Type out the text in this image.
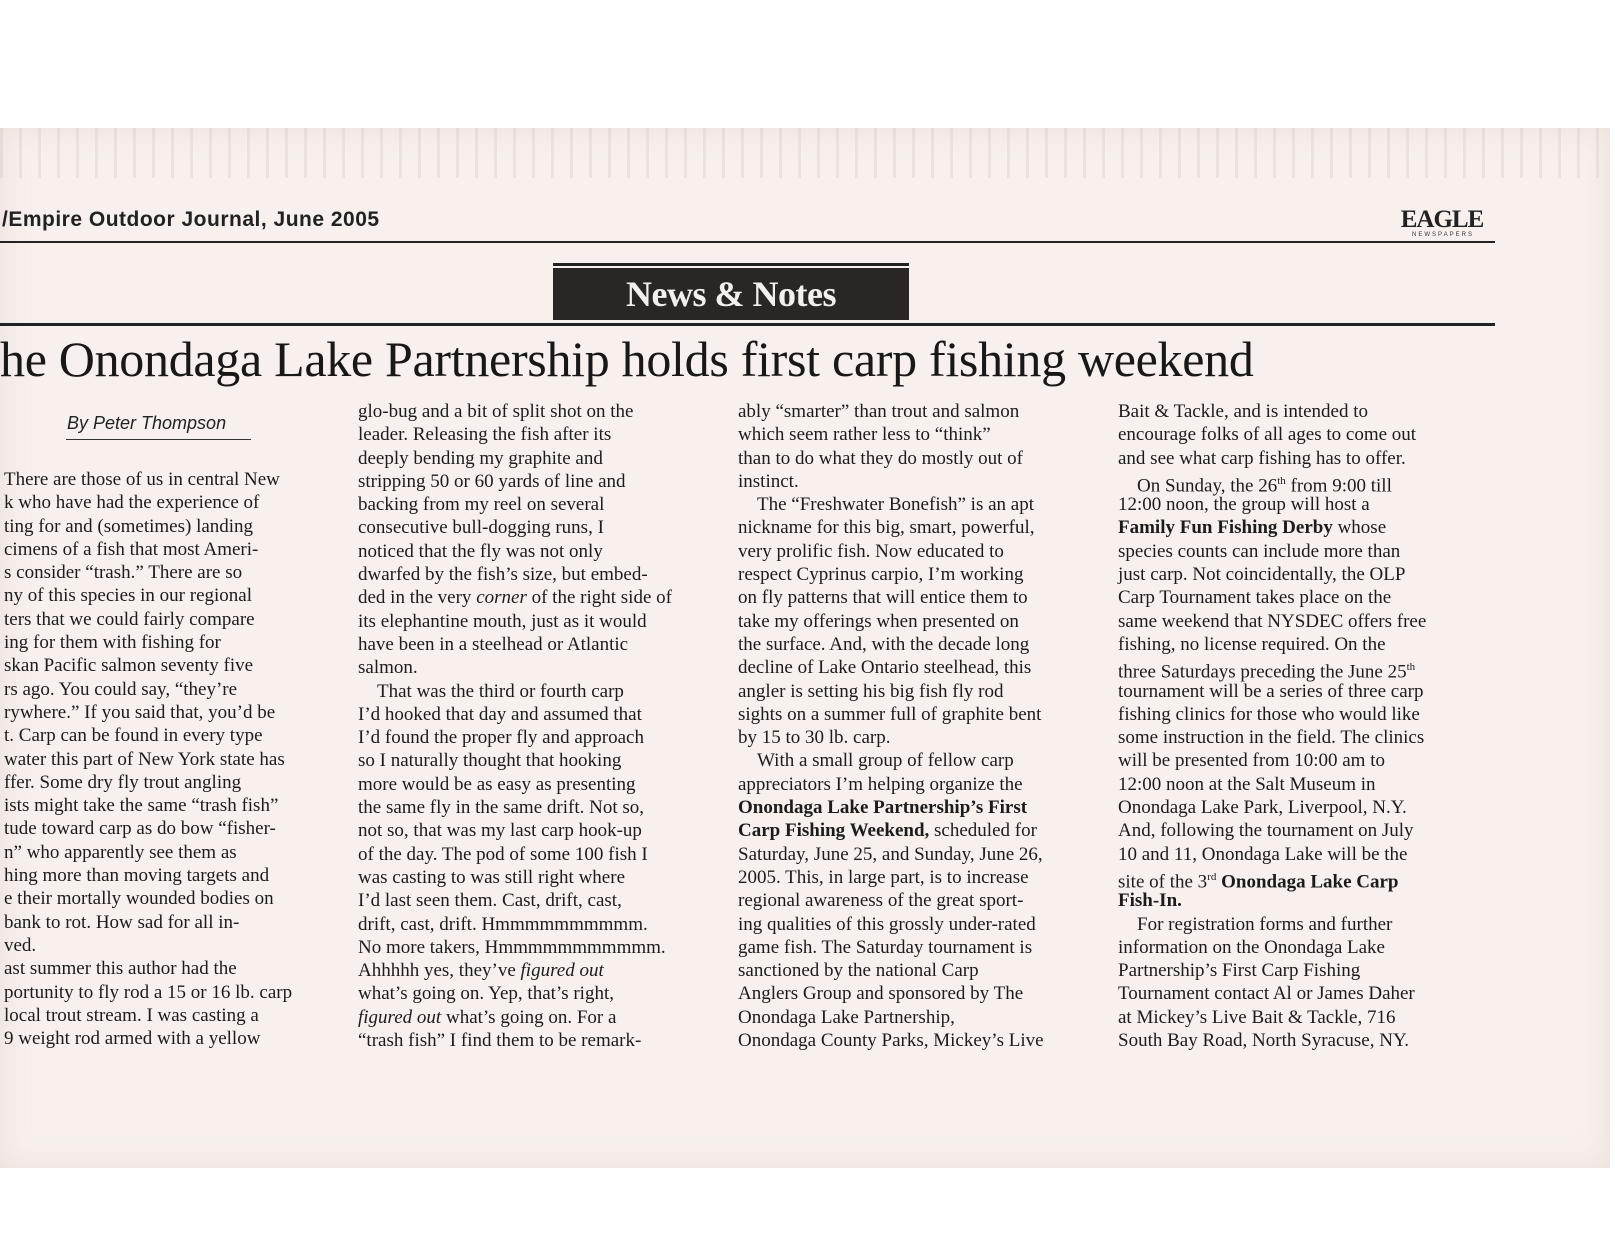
/Empire Outdoor Journal, June 2005	EAGLE
NEWSPAPERS
News & Notes
he Onondaga Lake Partnership holds first carp fishing weekend
By Peter Thompson
There are those of us in central New
k who have had the experience of
ting for and (sometimes) landing
cimens of a fish that most Ameri-
s consider “trash.” There are so
ny of this species in our regional
ters that we could fairly compare
ing for them with fishing for
skan Pacific salmon seventy five
rs ago. You could say, “they’re
rywhere.” If you said that, you’d be
t. Carp can be found in every type
water this part of New York state has
ffer. Some dry fly trout angling
ists might take the same “trash fish”
tude toward carp as do bow “fisher-
n” who apparently see them as
hing more than moving targets and
e their mortally wounded bodies on
bank to rot. How sad for all in-
ved.
ast summer this author had the
portunity to fly rod a 15 or 16 lb. carp
local trout stream. I was casting a
9 weight rod armed with a yellow
glo-bug and a bit of split shot on the
leader. Releasing the fish after its
deeply bending my graphite and
stripping 50 or 60 yards of line and
backing from my reel on several
consecutive bull-dogging runs, I
noticed that the fly was not only
dwarfed by the fish’s size, but embed-
ded in the very corner of the right side of
its elephantine mouth, just as it would
have been in a steelhead or Atlantic
salmon.
That was the third or fourth carp
I’d hooked that day and assumed that
I’d found the proper fly and approach
so I naturally thought that hooking
more would be as easy as presenting
the same fly in the same drift. Not so,
not so, that was my last carp hook-up
of the day. The pod of some 100 fish I
was casting to was still right where
I’d last seen them. Cast, drift, cast,
drift, cast, drift. Hmmmmmmmmmm.
No more takers, Hmmmmmmmmmmm.
Ahhhhh yes, they’ve figured out
what’s going on. Yep, that’s right,
figured out what’s going on. For a
“trash fish” I find them to be remark-
ably “smarter” than trout and salmon
which seem rather less to “think”
than to do what they do mostly out of
instinct.
The “Freshwater Bonefish” is an apt
nickname for this big, smart, powerful,
very prolific fish. Now educated to
respect Cyprinus carpio, I’m working
on fly patterns that will entice them to
take my offerings when presented on
the surface. And, with the decade long
decline of Lake Ontario steelhead, this
angler is setting his big fish fly rod
sights on a summer full of graphite bent
by 15 to 30 lb. carp.
With a small group of fellow carp
appreciators I’m helping organize the
Onondaga Lake Partnership’s First
Carp Fishing Weekend, scheduled for
Saturday, June 25, and Sunday, June 26,
2005. This, in large part, is to increase
regional awareness of the great sport-
ing qualities of this grossly under-rated
game fish. The Saturday tournament is
sanctioned by the national Carp
Anglers Group and sponsored by The
Onondaga Lake Partnership,
Onondaga County Parks, Mickey’s Live
Bait & Tackle, and is intended to
encourage folks of all ages to come out
and see what carp fishing has to offer.
On Sunday, the 26th from 9:00 till
12:00 noon, the group will host a
Family Fun Fishing Derby whose
species counts can include more than
just carp. Not coincidentally, the OLP
Carp Tournament takes place on the
same weekend that NYSDEC offers free
fishing, no license required. On the
three Saturdays preceding the June 25th
tournament will be a series of three carp
fishing clinics for those who would like
some instruction in the field. The clinics
will be presented from 10:00 am to
12:00 noon at the Salt Museum in
Onondaga Lake Park, Liverpool, N.Y.
And, following the tournament on July
10 and 11, Onondaga Lake will be the
site of the 3rd Onondaga Lake Carp
Fish-In.
For registration forms and further
information on the Onondaga Lake
Partnership’s First Carp Fishing
Tournament contact Al or James Daher
at Mickey’s Live Bait & Tackle, 716
South Bay Road, North Syracuse, NY.
